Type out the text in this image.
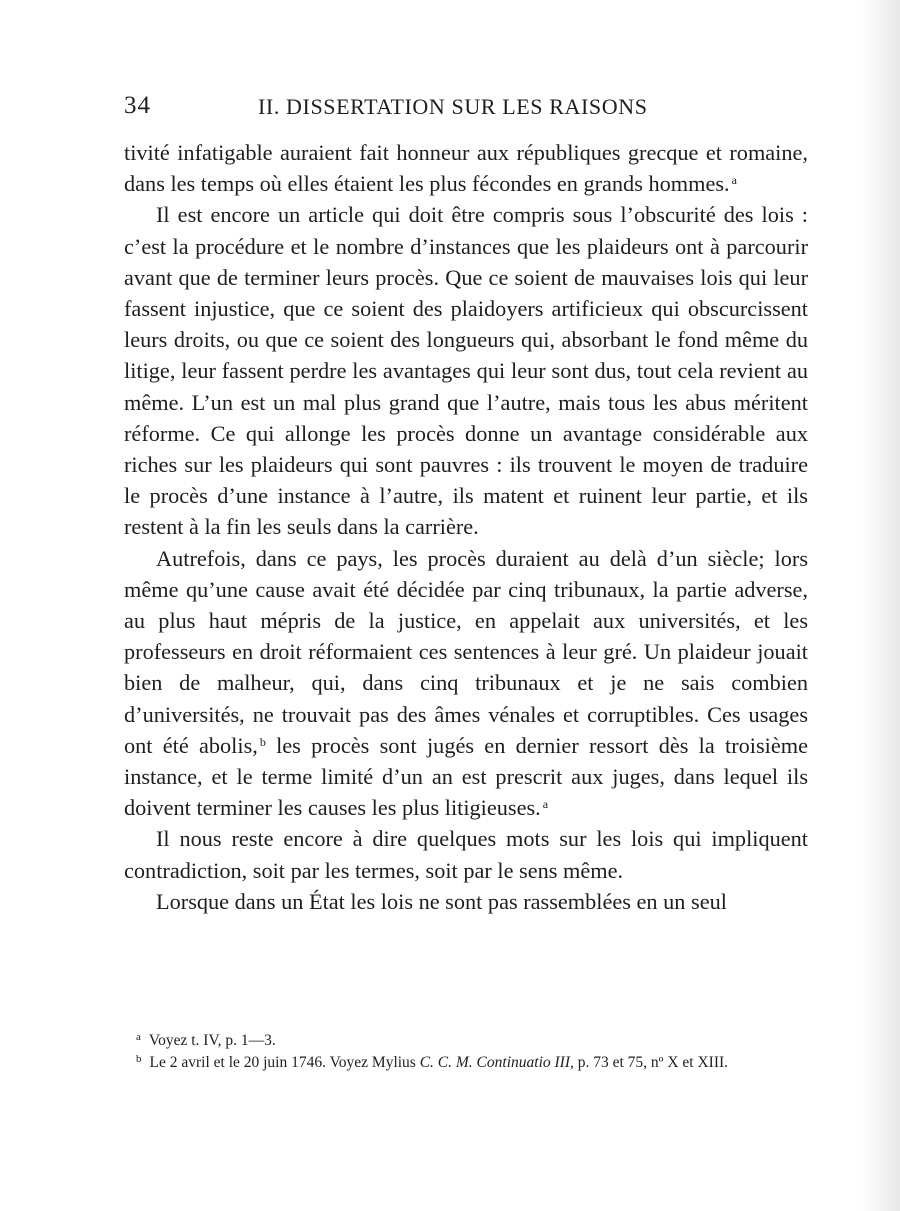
34	II. DISSERTATION SUR LES RAISONS

tivité infatigable auraient fait honneur aux républiques grecque et romaine, dans les temps où elles étaient les plus fécondes en grands hommes. $^a$

Il est encore un article qui doit être compris sous l’obscurité des lois : c’est la procédure et le nombre d’instances que les plaideurs ont à parcourir avant que de terminer leurs procès. Que ce soient de mauvaises lois qui leur fassent injustice, que ce soient des plaidoyers artificieux qui obscurcissent leurs droits, ou que ce soient des longueurs qui, absorbant le fond même du litige, leur fassent perdre les avantages qui leur sont dus, tout cela revient au même. L’un est un mal plus grand que l’autre, mais tous les abus méritent réforme. Ce qui allonge les procès donne un avantage considérable aux riches sur les plaideurs qui sont pauvres : ils trouvent le moyen de traduire le procès d’une instance à l’autre, ils matent et ruinent leur partie, et ils restent à la fin les seuls dans la carrière.

Autrefois, dans ce pays, les procès duraient au delà d’un siècle; lors même qu’une cause avait été décidée par cinq tribunaux, la partie adverse, au plus haut mépris de la justice, en appelait aux universités, et les professeurs en droit réformaient ces sentences à leur gré. Un plaideur jouait bien de malheur, qui, dans cinq tribunaux et je ne sais combien d’universités, ne trouvait pas des âmes vénales et corruptibles. Ces usages ont été abolis, $^b$ les procès sont jugés en dernier ressort dès la troisième instance, et le terme limité d’un an est prescrit aux juges, dans lequel ils doivent terminer les causes les plus litigieuses. $^a$

Il nous reste encore à dire quelques mots sur les lois qui impliquent contradiction, soit par les termes, soit par le sens même.

Lorsque dans un État les lois ne sont pas rassemblées en un seul

$^a$ Voyez t. IV, p. 1—3.

$^b$ Le 2 avril et le 20 juin 1746. Voyez Mylius C. C. M. Continuatio III, p. 73 et 75, nº X et XIII.
